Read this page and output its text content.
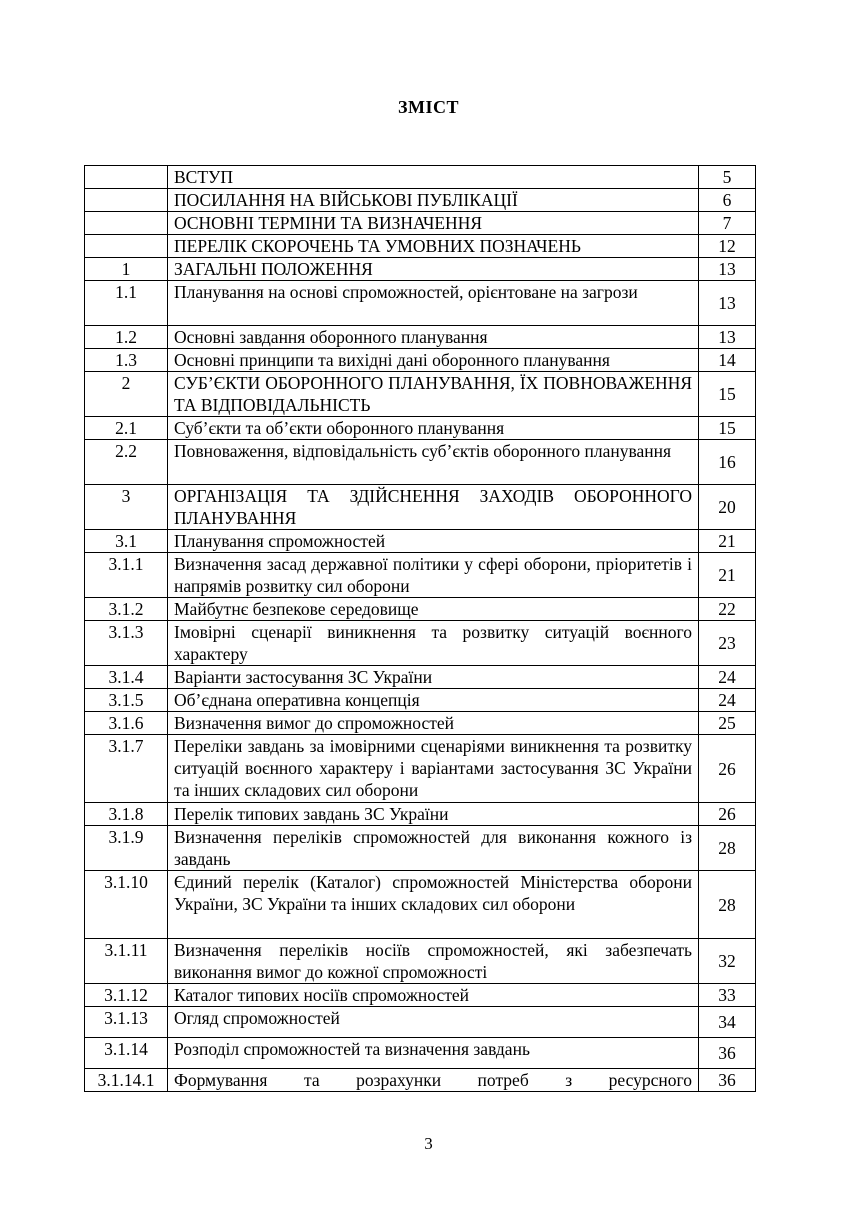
ЗМІСТ
	ВСТУП	5
	ПОСИЛАННЯ НА ВІЙСЬКОВІ ПУБЛІКАЦІЇ	6
	ОСНОВНІ ТЕРМІНИ ТА ВИЗНАЧЕННЯ	7
	ПЕРЕЛІК СКОРОЧЕНЬ ТА УМОВНИХ ПОЗНАЧЕНЬ	12
1	ЗАГАЛЬНІ ПОЛОЖЕННЯ	13
1.1	Планування на основі спроможностей, орієнтоване на загрози	13
1.2	Основні завдання оборонного планування	13
1.3	Основні принципи та вихідні дані оборонного планування	14
2	СУБ’ЄКТИ ОБОРОННОГО ПЛАНУВАННЯ, ЇХ ПОВНОВАЖЕННЯ ТА ВІДПОВІДАЛЬНІСТЬ	15
2.1	Суб’єкти та об’єкти оборонного планування	15
2.2	Повноваження, відповідальність суб’єктів оборонного планування	16
3	ОРГАНІЗАЦІЯ ТА ЗДІЙСНЕННЯ ЗАХОДІВ ОБОРОННОГО ПЛАНУВАННЯ	20
3.1	Планування спроможностей	21
3.1.1	Визначення засад державної політики у сфері оборони, пріоритетів і напрямів розвитку сил оборони	21
3.1.2	Майбутнє безпекове середовище	22
3.1.3	Імовірні сценарії виникнення та розвитку ситуацій воєнного характеру	23
3.1.4	Варіанти застосування ЗС України	24
3.1.5	Об’єднана оперативна концепція	24
3.1.6	Визначення вимог до спроможностей	25
3.1.7	Переліки завдань за імовірними сценаріями виникнення та розвитку ситуацій воєнного характеру і варіантами застосування ЗС України та інших складових сил оборони	26
3.1.8	Перелік типових завдань ЗС України	26
3.1.9	Визначення переліків спроможностей для виконання кожного із завдань	28
3.1.10	Єдиний перелік (Каталог) спроможностей Міністерства оборони України, ЗС України та інших складових сил оборони	28
3.1.11	Визначення переліків носіїв спроможностей, які забезпечать виконання вимог до кожної спроможності	32
3.1.12	Каталог типових носіїв спроможностей	33
3.1.13	Огляд спроможностей	34
3.1.14	Розподіл спроможностей та визначення завдань	36
3.1.14.1	Формування та розрахунки потреб з ресурсного	36
3
